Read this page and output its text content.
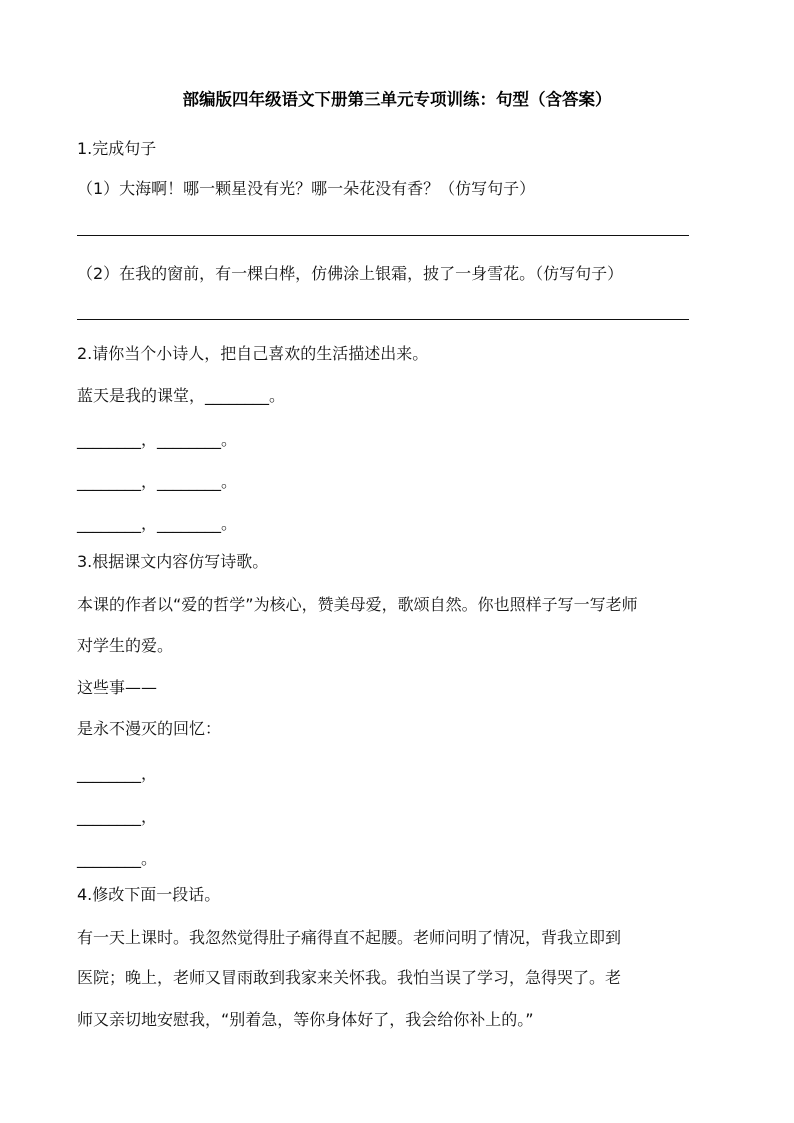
部编版四年级语文下册第三单元专项训练：句型（含答案）
1.完成句子
（1）大海啊！哪一颗星没有光？哪一朵花没有香？（仿写句子）
（2）在我的窗前，有一棵白桦，仿佛涂上银霜，披了一身雪花。（仿写句子）
2.请你当个小诗人，把自己喜欢的生活描述出来。
蓝天是我的课堂，________。
________，________。
________，________。
________，________。
3.根据课文内容仿写诗歌。
本课的作者以“爱的哲学”为核心，赞美母爱，歌颂自然。你也照样子写一写老师
对学生的爱。
这些事——
是永不漫灭的回忆：
________，
________，
________。
4.修改下面一段话。
有一天上课时。我忽然觉得肚子痛得直不起腰。老师问明了情况，背我立即到
医院；晚上，老师又冒雨敢到我家来关怀我。我怕当误了学习，急得哭了。老
师又亲切地安慰我，“别着急，等你身体好了，我会给你补上的。”
